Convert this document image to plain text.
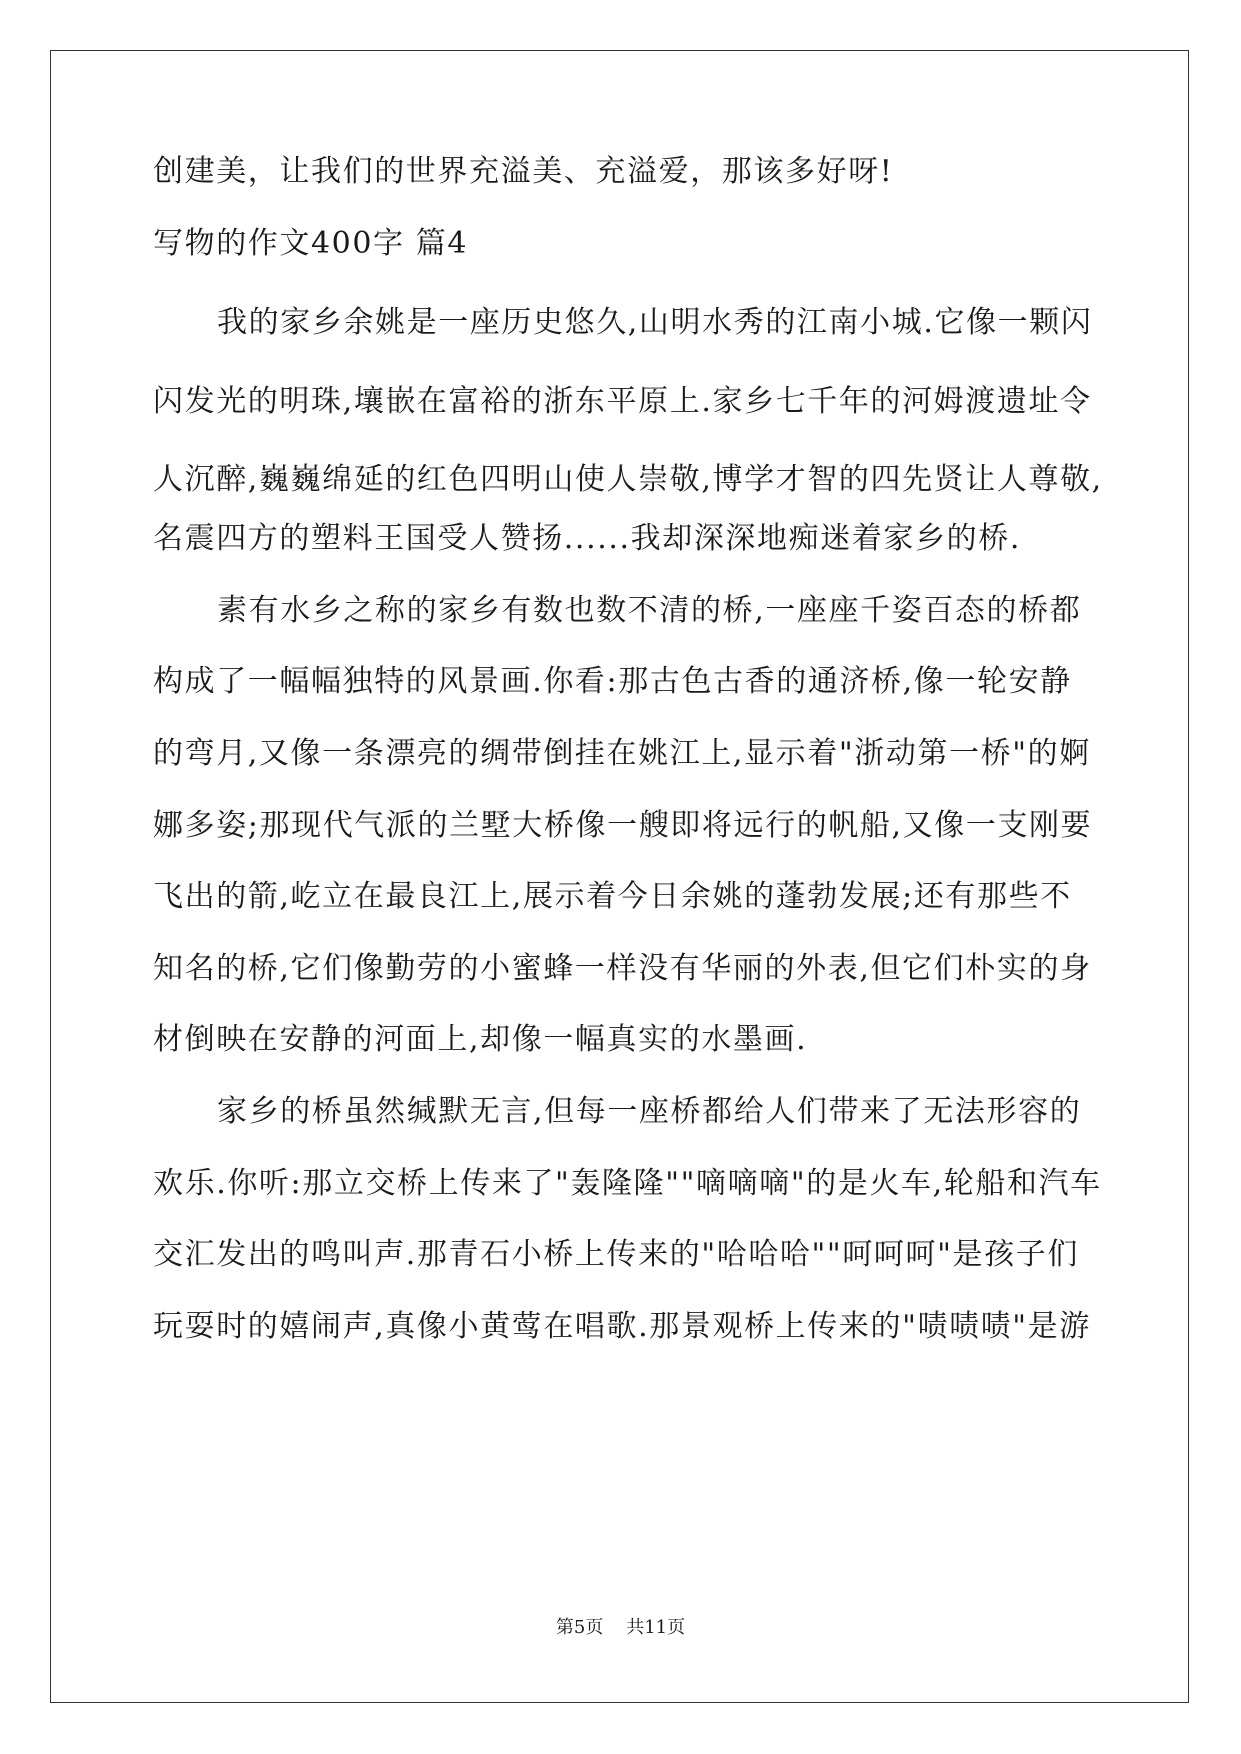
创建美，让我们的世界充溢美、充溢爱，那该多好呀!

写物的作文400字 篇4

我的家乡余姚是一座历史悠久,山明水秀的江南小城.它像一颗闪

闪发光的明珠,壤嵌在富裕的浙东平原上.家乡七千年的河姆渡遗址令

人沉醉,巍巍绵延的红色四明山使人崇敬,博学才智的四先贤让人尊敬,

名震四方的塑料王国受人赞扬......我却深深地痴迷着家乡的桥.

素有水乡之称的家乡有数也数不清的桥,一座座千姿百态的桥都

构成了一幅幅独特的风景画.你看:那古色古香的通济桥,像一轮安静

的弯月,又像一条漂亮的绸带倒挂在姚江上,显示着"浙动第一桥"的婀

娜多姿;那现代气派的兰墅大桥像一艘即将远行的帆船,又像一支刚要

飞出的箭,屹立在最良江上,展示着今日余姚的蓬勃发展;还有那些不

知名的桥,它们像勤劳的小蜜蜂一样没有华丽的外表,但它们朴实的身

材倒映在安静的河面上,却像一幅真实的水墨画.

家乡的桥虽然缄默无言,但每一座桥都给人们带来了无法形容的

欢乐.你听:那立交桥上传来了"轰隆隆""嘀嘀嘀"的是火车,轮船和汽车

交汇发出的鸣叫声.那青石小桥上传来的"哈哈哈""呵呵呵"是孩子们

玩耍时的嬉闹声,真像小黄莺在唱歌.那景观桥上传来的"啧啧啧"是游

第5页    共11页
